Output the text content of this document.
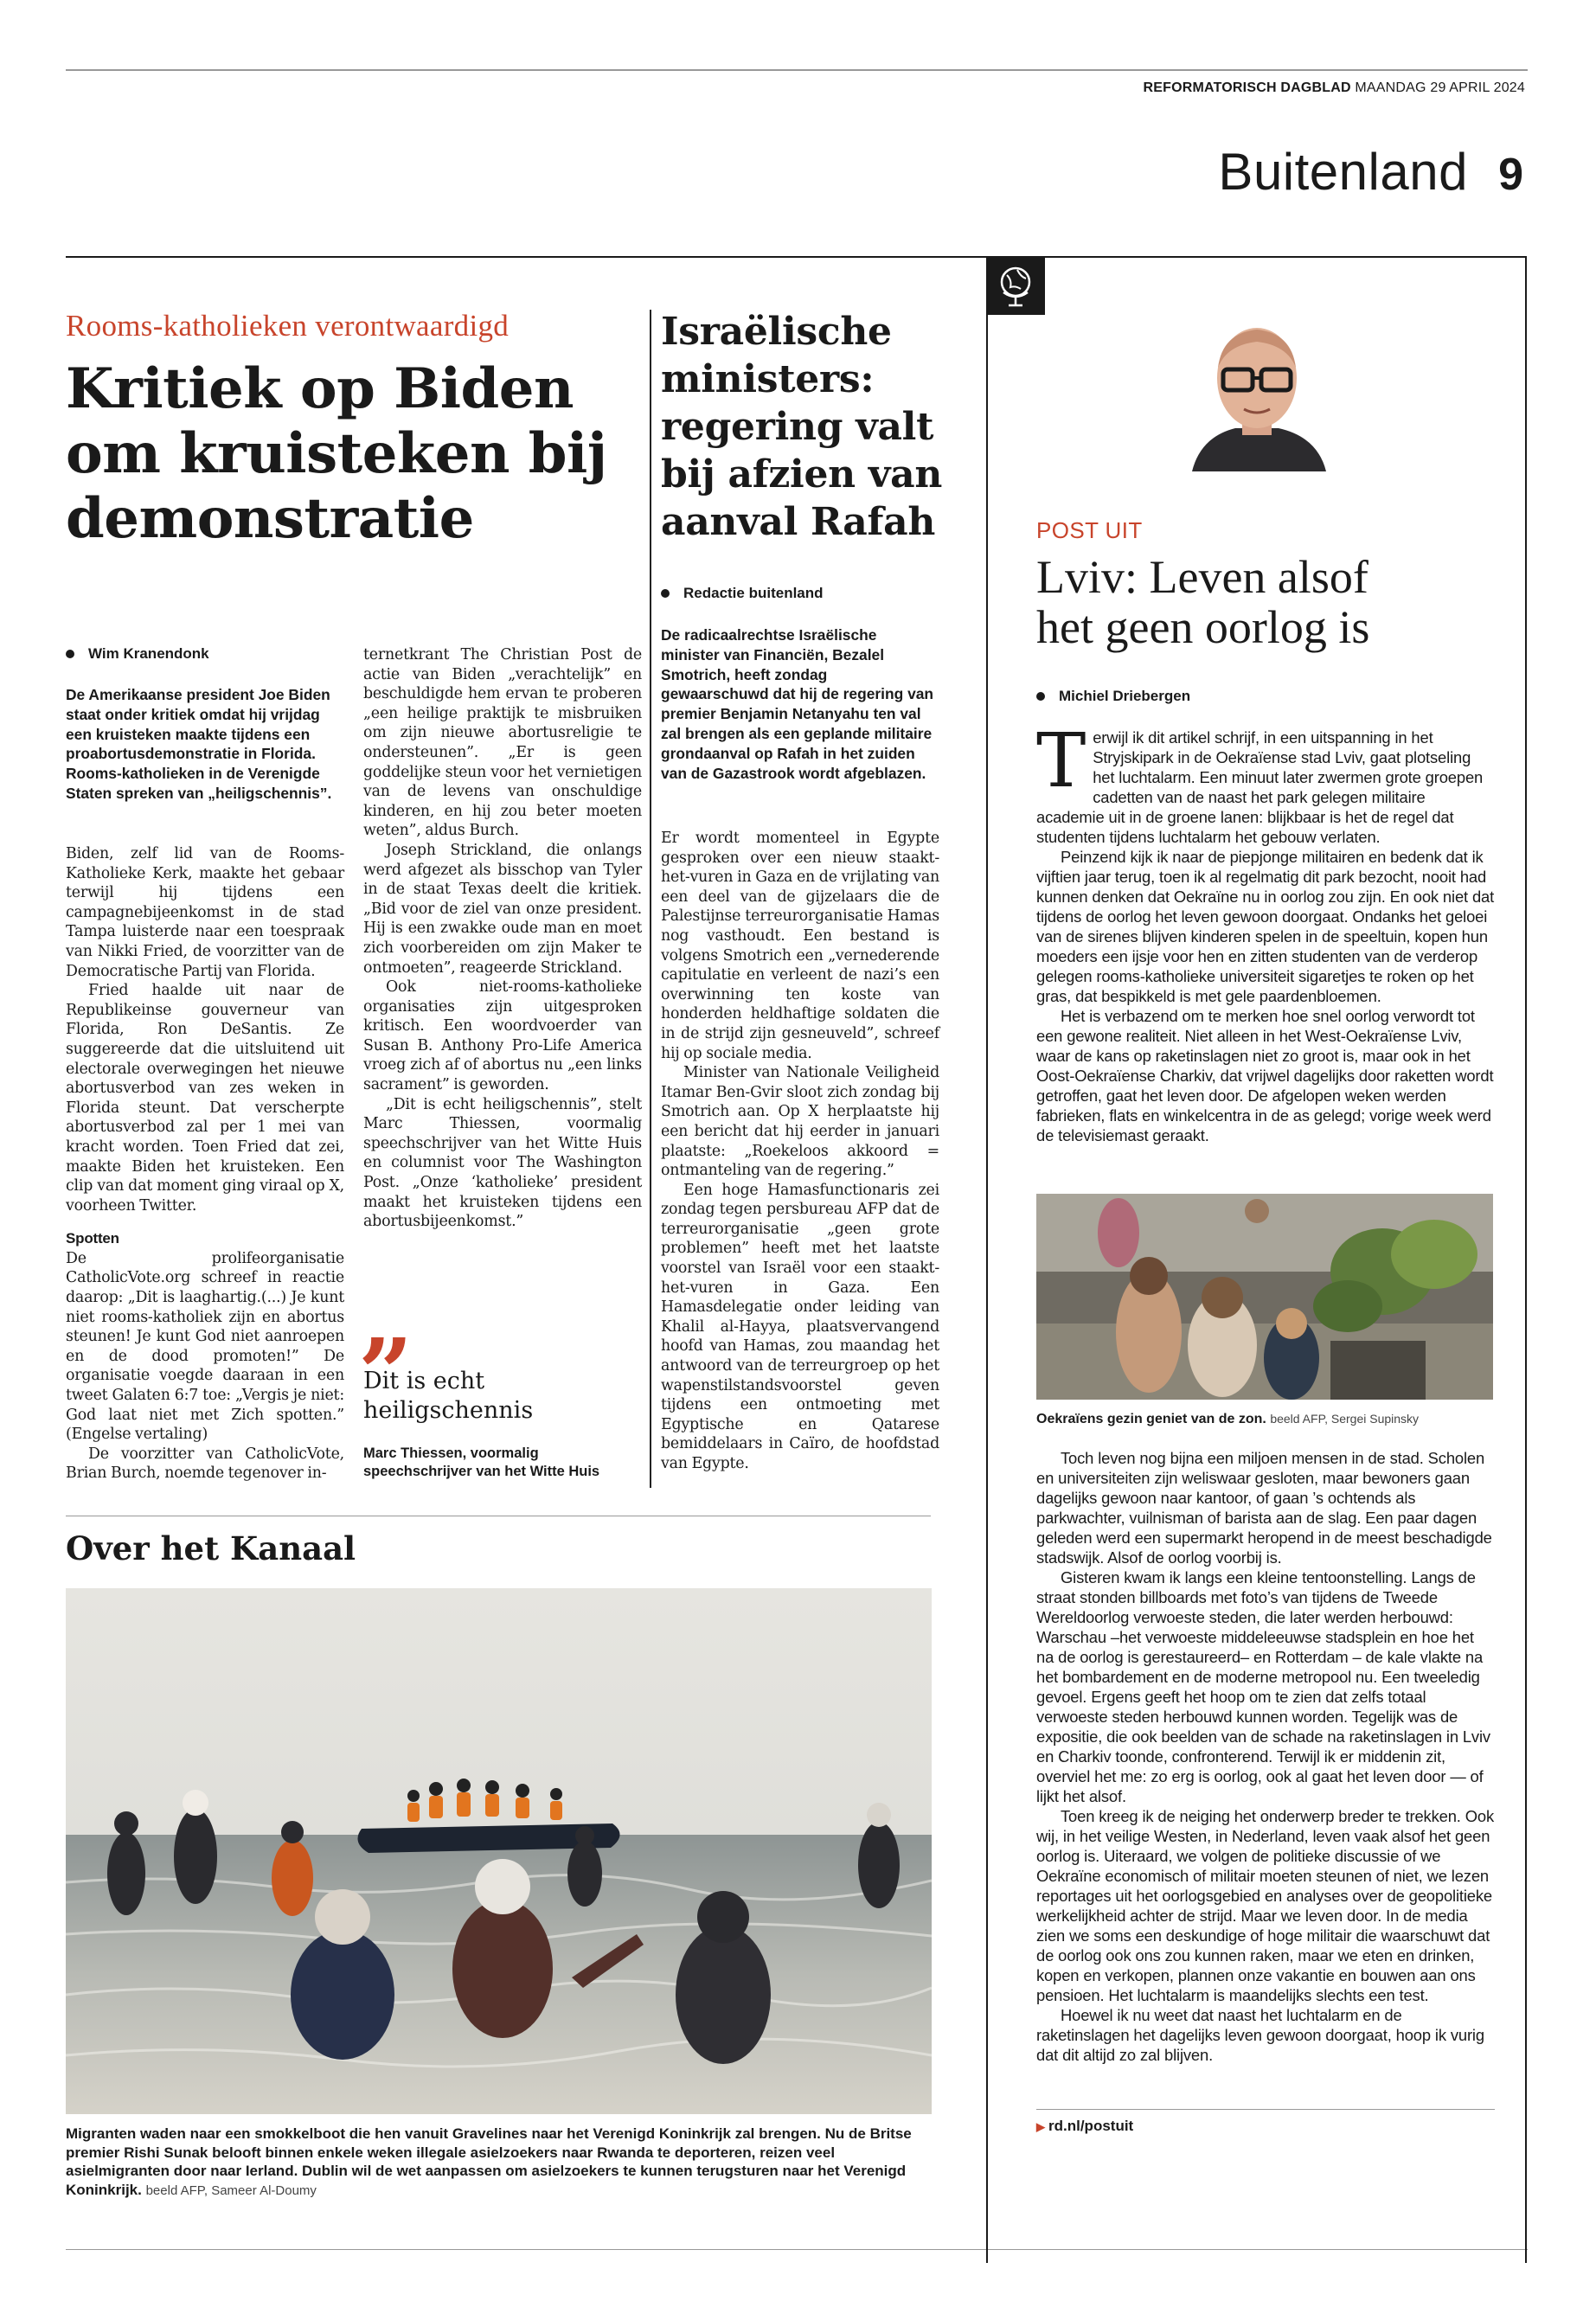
REFORMATORISCH DAGBLAD MAANDAG 29 APRIL 2024
Buitenland 9
Rooms-katholieken verontwaardigd
Kritiek op Biden om kruisteken bij demonstratie
Wim Kranendonk
De Amerikaanse president Joe Biden staat onder kritiek omdat hij vrijdag een kruisteken maakte tijdens een proabortusdemonstratie in Florida. Rooms-katholieken in de Verenigde Staten spreken van „heiligschennis”.

Biden, zelf lid van de Rooms-Katholieke Kerk, maakte het gebaar terwijl hij tijdens een campagnebijeenkomst in de stad Tampa luisterde naar een toespraak van Nikki Fried, de voorzitter van de Democratische Partij van Florida.

Fried haalde uit naar de Republikeinse gouverneur van Florida, Ron DeSantis. Ze suggereerde dat die uitsluitend uit electorale overwegingen het nieuwe abortusverbod van zes weken in Florida steunt. Dat verscherpte abortusverbod zal per 1 mei van kracht worden. Toen Fried dat zei, maakte Biden het kruisteken. Een clip van dat moment ging viraal op X, voorheen Twitter.

Spotten

De prolifeorganisatie CatholicVote.org schreef in reactie daarop: „Dit is laaghartig.(...) Je kunt niet rooms-katholiek zijn en abortus steunen! Je kunt God niet aanroepen en de dood promoten!” De organisatie voegde daaraan in een tweet Galaten 6:7 toe: „Vergis je niet: God laat niet met Zich spotten.” (Engelse vertaling)

De voorzitter van CatholicVote, Brian Burch, noemde tegenover in-

ternetkrant The Christian Post de actie van Biden „verachtelijk” en beschuldigde hem ervan te proberen „een heilige praktijk te misbruiken om zijn nieuwe abortusreligie te ondersteunen”. „Er is geen goddelijke steun voor het vernietigen van de levens van onschuldige kinderen, en hij zou beter moeten weten”, aldus Burch.

Joseph Strickland, die onlangs werd afgezet als bisschop van Tyler in de staat Texas deelt die kritiek. „Bid voor de ziel van onze president. Hij is een zwakke oude man en moet zich voorbereiden om zijn Maker te ontmoeten”, reageerde Strickland.

Ook niet-rooms-katholieke organisaties zijn uitgesproken kritisch. Een woordvoerder van Susan B. Anthony Pro-Life America vroeg zich af of abortus nu „een links sacrament” is geworden.

„Dit is echt heiligschennis”, stelt Marc Thiessen, voormalig speechschrijver van het Witte Huis en columnist voor The Washington Post. „Onze ‘katholieke’ president maakt het kruisteken tijdens een abortusbijeenkomst.”

„
Dit is echt heiligschennis
Marc Thiessen, voormalig speechschrijver van het Witte Huis
Israëlische ministers: regering valt bij afzien van aanval Rafah
Redactie buitenland
De radicaalrechtse Israëlische minister van Financiën, Bezalel Smotrich, heeft zondag gewaarschuwd dat hij de regering van premier Benjamin Netanyahu ten val zal brengen als een geplande militaire grondaanval op Rafah in het zuiden van de Gazastrook wordt afgeblazen.

Er wordt momenteel in Egypte gesproken over een nieuw staakt-het-vuren in Gaza en de vrijlating van een deel van de gijzelaars die de Palestijnse terreurorganisatie Hamas nog vasthoudt. Een bestand is volgens Smotrich een „vernederende capitulatie en verleent de nazi’s een overwinning ten koste van honderden heldhaftige soldaten die in de strijd zijn gesneuveld”, schreef hij op sociale media.

Minister van Nationale Veiligheid Itamar Ben-Gvir sloot zich zondag bij Smotrich aan. Op X herplaatste hij een bericht dat hij eerder in januari plaatste: „Roekeloos akkoord = ontmanteling van de regering.”

Een hoge Hamasfunctionaris zei zondag tegen persbureau AFP dat de terreurorganisatie „geen grote problemen” heeft met het laatste voorstel van Israël voor een staakt-het-vuren in Gaza. Een Hamasdelegatie onder leiding van Khalil al-Hayya, plaatsvervangend hoofd van Hamas, zou maandag het antwoord van de terreurgroep op het wapenstilstandsvoorstel geven tijdens een ontmoeting met Egyptische en Qatarese bemiddelaars in Caïro, de hoofdstad van Egypte.

Over het Kanaal
Migranten waden naar een smokkelboot die hen vanuit Gravelines naar het Verenigd Koninkrijk zal brengen. Nu de Britse premier Rishi Sunak belooft binnen enkele weken illegale asielzoekers naar Rwanda te deporteren, reizen veel asielmigranten door naar Ierland. Dublin wil de wet aanpassen om asielzoekers te kunnen terugsturen naar het Verenigd Koninkrijk. beeld AFP, Sameer Al-Doumy
POST UIT
Lviv: Leven alsof het geen oorlog is
Michiel Driebergen

T erwijl ik dit artikel schrijf, in een uitspanning in het Stryjskipark in de Oekraïense stad Lviv, gaat plotseling het luchtalarm. Een minuut later zwermen grote groepen cadetten van de naast het park gelegen militaire academie uit in de groene lanen: blijkbaar is het de regel dat studenten tijdens luchtalarm het gebouw verlaten.

Peinzend kijk ik naar de piepjonge militairen en bedenk dat ik vijftien jaar terug, toen ik al regelmatig dit park bezocht, nooit had kunnen denken dat Oekraïne nu in oorlog zou zijn. En ook niet dat tijdens de oorlog het leven gewoon doorgaat. Ondanks het geloei van de sirenes blijven kinderen spelen in de speeltuin, kopen hun moeders een ijsje voor hen en zitten studenten van de verderop gelegen rooms-katholieke universiteit sigaretjes te roken op het gras, dat bespikkeld is met gele paardenbloemen.

Het is verbazend om te merken hoe snel oorlog verwordt tot een gewone realiteit. Niet alleen in het West-Oekraïense Lviv, waar de kans op raketinslagen niet zo groot is, maar ook in het Oost-Oekraïense Charkiv, dat vrijwel dagelijks door raketten wordt getroffen, gaat het leven door. De afgelopen weken werden fabrieken, flats en winkelcentra in de as gelegd; vorige week werd de televisiemast geraakt.

Oekraïens gezin geniet van de zon. beeld AFP, Sergei Supinsky

Toch leven nog bijna een miljoen mensen in de stad. Scholen en universiteiten zijn weliswaar gesloten, maar bewoners gaan dagelijks gewoon naar kantoor, of gaan ’s ochtends als parkwachter, vuilnisman of barista aan de slag. Een paar dagen geleden werd een supermarkt heropend in de meest beschadigde stadswijk. Alsof de oorlog voorbij is.

Gisteren kwam ik langs een kleine tentoonstelling. Langs de straat stonden billboards met foto’s van tijdens de Tweede Wereldoorlog verwoeste steden, die later werden herbouwd: Warschau –het verwoeste middeleeuwse stadsplein en hoe het na de oorlog is gerestaureerd– en Rotterdam – de kale vlakte na het bombardement en de moderne metropool nu. Een tweeledig gevoel. Ergens geeft het hoop om te zien dat zelfs totaal verwoeste steden herbouwd kunnen worden. Tegelijk was de expositie, die ook beelden van de schade na raketinslagen in Lviv en Charkiv toonde, confronterend. Terwijl ik er middenin zit, overviel het me: zo erg is oorlog, ook al gaat het leven door — of lijkt het alsof.

Toen kreeg ik de neiging het onderwerp breder te trekken. Ook wij, in het veilige Westen, in Nederland, leven vaak alsof het geen oorlog is. Uiteraard, we volgen de politieke discussie of we Oekraïne economisch of militair moeten steunen of niet, we lezen reportages uit het oorlogsgebied en analyses over de geopolitieke werkelijkheid achter de strijd. Maar we leven door. In de media zien we soms een deskundige of hoge militair die waarschuwt dat de oorlog ook ons zou kunnen raken, maar we eten en drinken, kopen en verkopen, plannen onze vakantie en bouwen aan ons pensioen. Het luchtalarm is maandelijks slechts een test.

Hoewel ik nu weet dat naast het luchtalarm en de raketinslagen het dagelijks leven gewoon doorgaat, hoop ik vurig dat dit altijd zo zal blijven.

▶ rd.nl/postuit
